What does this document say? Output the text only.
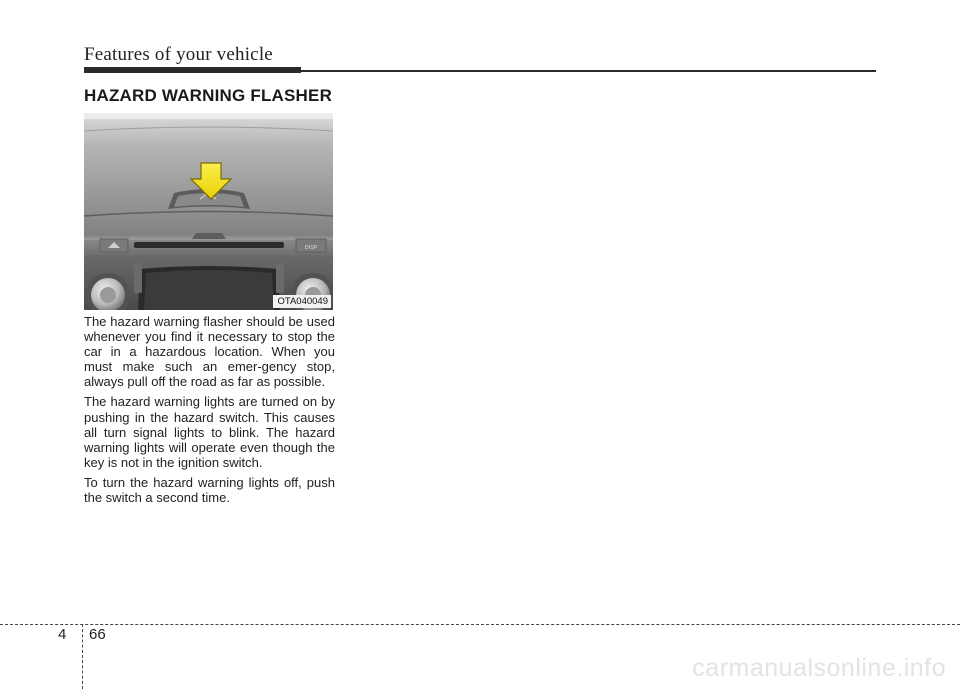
Features of your vehicle
HAZARD WARNING FLASHER
DISP
OTA040049

The hazard warning flasher should be used whenever you find it necessary to stop the car in a hazardous location. When you must make such an emer-gency stop, always pull off the road as far as possible.

The hazard warning lights are turned on by pushing in the hazard switch. This causes all turn signal lights to blink. The hazard warning lights will operate even though the key is not in the ignition switch.

To turn the hazard warning lights off, push the switch a second time.

4 66
carmanualsonline.info
